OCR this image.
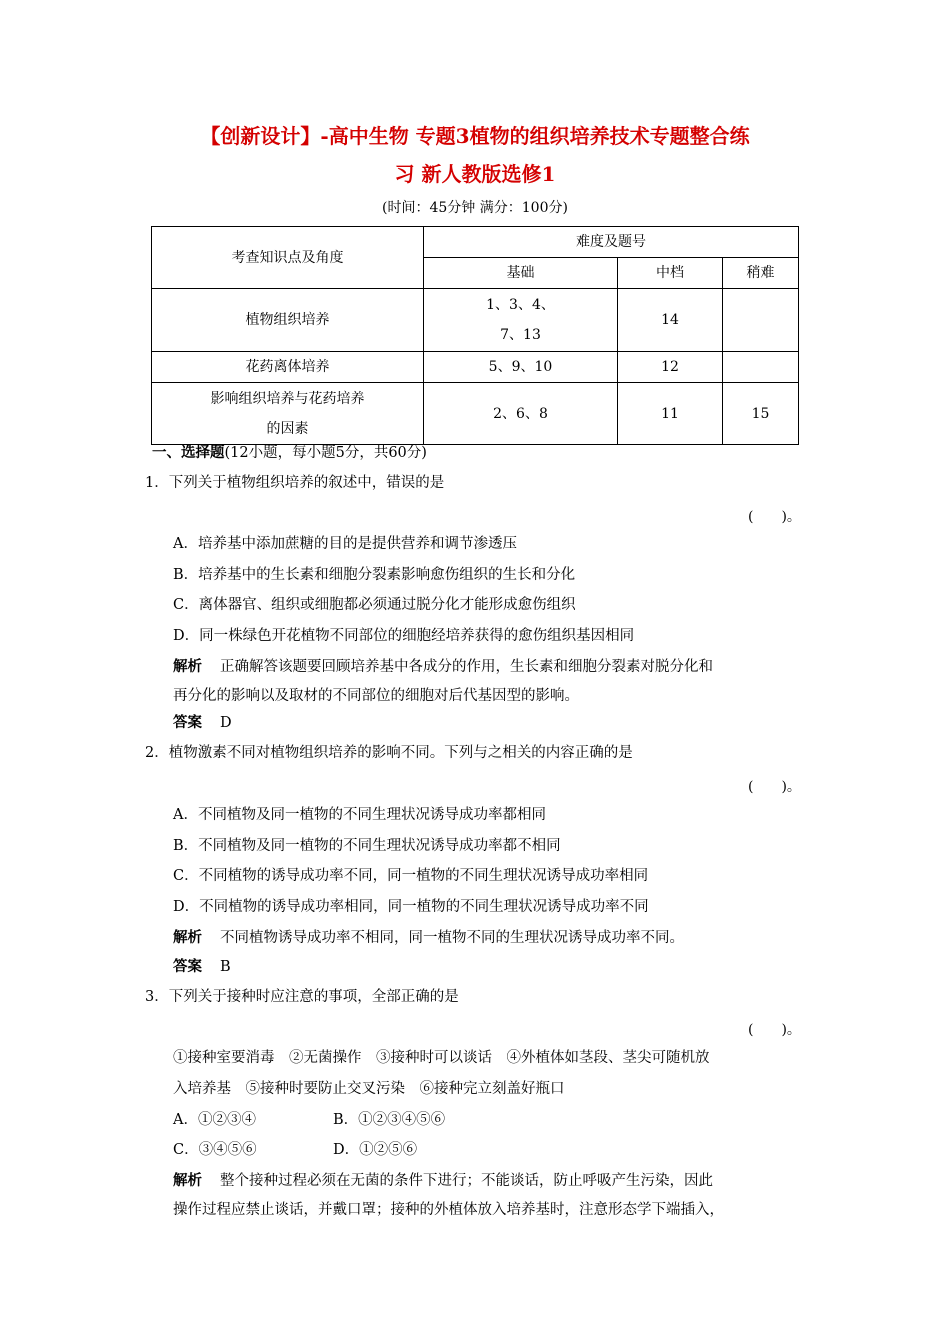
【创新设计】-高中生物 专题3植物的组织培养技术专题整合练
习 新人教版选修1
(时间：45分钟 满分：100分)
考查知识点及角度	难度及题号		
	基础	中档	稍难
植物组织培养	1、3、4、
7、13	14	
花药离体培养	5、9、10	12	

影响组织培养与花药培养
的因素	2、6、8	11	15
一、选择题(12小题，每小题5分，共60分)
1．下列关于植物组织培养的叙述中，错误的是
(　　)。
A．培养基中添加蔗糖的目的是提供营养和调节渗透压
B．培养基中的生长素和细胞分裂素影响愈伤组织的生长和分化
C．离体器官、组织或细胞都必须通过脱分化才能形成愈伤组织
D．同一株绿色开花植物不同部位的细胞经培养获得的愈伤组织基因相同
解析 正确解答该题要回顾培养基中各成分的作用，生长素和细胞分裂素对脱分化和
再分化的影响以及取材的不同部位的细胞对后代基因型的影响。
答案 D
2．植物激素不同对植物组织培养的影响不同。下列与之相关的内容正确的是
(　　)。
A．不同植物及同一植物的不同生理状况诱导成功率都相同
B．不同植物及同一植物的不同生理状况诱导成功率都不相同
C．不同植物的诱导成功率不同，同一植物的不同生理状况诱导成功率相同
D．不同植物的诱导成功率相同，同一植物的不同生理状况诱导成功率不同
解析 不同植物诱导成功率不相同，同一植物不同的生理状况诱导成功率不同。
答案 B
3．下列关于接种时应注意的事项，全部正确的是
(　　)。
①接种室要消毒　②无菌操作　③接种时可以谈话　④外植体如茎段、茎尖可随机放
入培养基　⑤接种时要防止交叉污染　⑥接种完立刻盖好瓶口
A．①②③④	B．①②③④⑤⑥
C．③④⑤⑥	D．①②⑤⑥
解析 整个接种过程必须在无菌的条件下进行；不能谈话，防止呼吸产生污染，因此
操作过程应禁止谈话，并戴口罩；接种的外植体放入培养基时，注意形态学下端插入，
